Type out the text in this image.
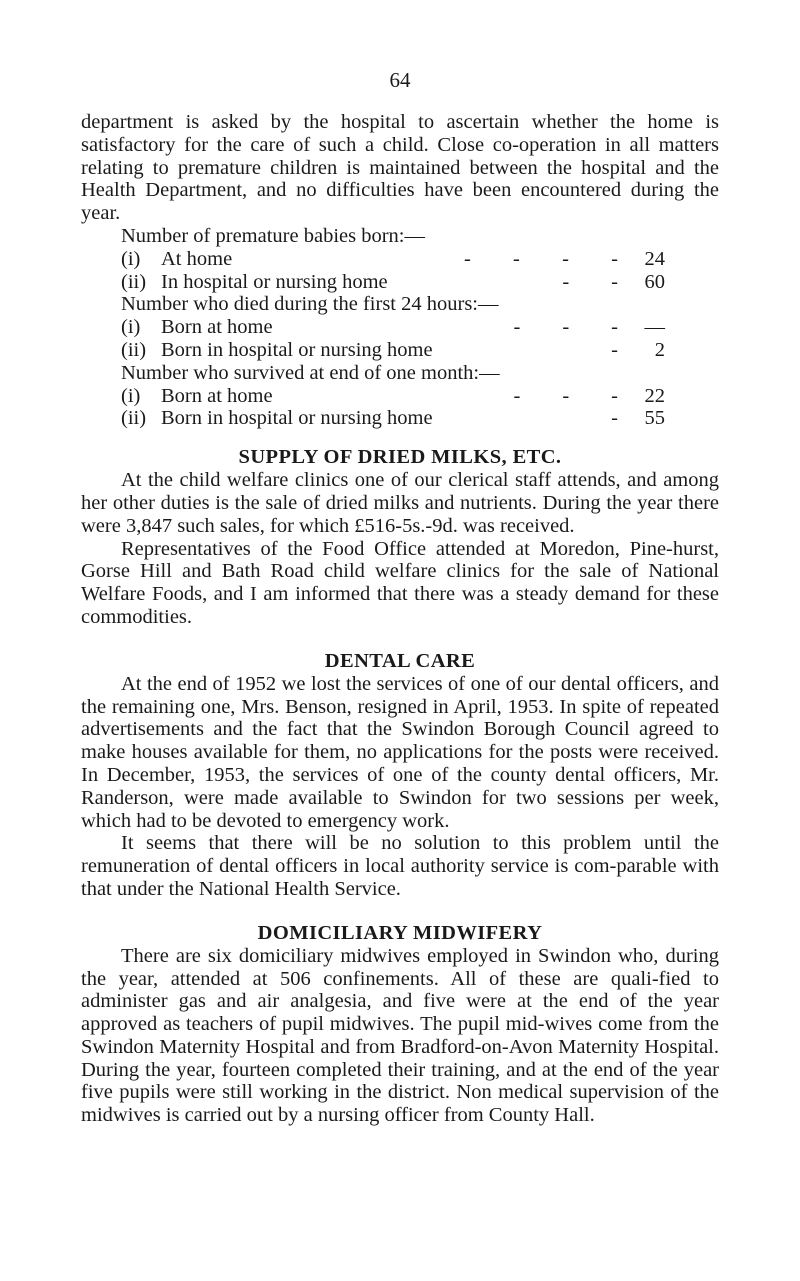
64

department is asked by the hospital to ascertain whether the home is satisfactory for the care of such a child. Close co-operation in all matters relating to premature children is maintained between the hospital and the Health Department, and no difficulties have been encountered during the year.

Number of premature babies born:—
(i)	At home	- - - -	24
(ii) In hospital or nursing home	- -	60
Number who died during the first 24 hours:—
(i)	Born at home	- - -	—
(ii) Born in hospital or nursing home	-	2
Number who survived at end of one month:—
(i)	Born at home	- - -	22
(ii) Born in hospital or nursing home	-	55
SUPPLY OF DRIED MILKS, ETC.

At the child welfare clinics one of our clerical staff attends, and among her other duties is the sale of dried milks and nutrients. During the year there were 3,847 such sales, for which £516-5s.-9d. was received.

Representatives of the Food Office attended at Moredon, Pine-hurst, Gorse Hill and Bath Road child welfare clinics for the sale of National Welfare Foods, and I am informed that there was a steady demand for these commodities.

DENTAL CARE

At the end of 1952 we lost the services of one of our dental officers, and the remaining one, Mrs. Benson, resigned in April, 1953. In spite of repeated advertisements and the fact that the Swindon Borough Council agreed to make houses available for them, no applications for the posts were received. In December, 1953, the services of one of the county dental officers, Mr. Randerson, were made available to Swindon for two sessions per week, which had to be devoted to emergency work.

It seems that there will be no solution to this problem until the remuneration of dental officers in local authority service is com-parable with that under the National Health Service.

DOMICILIARY MIDWIFERY

There are six domiciliary midwives employed in Swindon who, during the year, attended at 506 confinements. All of these are quali-fied to administer gas and air analgesia, and five were at the end of the year approved as teachers of pupil midwives. The pupil mid-wives come from the Swindon Maternity Hospital and from Bradford-on-Avon Maternity Hospital. During the year, fourteen completed their training, and at the end of the year five pupils were still working in the district. Non medical supervision of the midwives is carried out by a nursing officer from County Hall.
